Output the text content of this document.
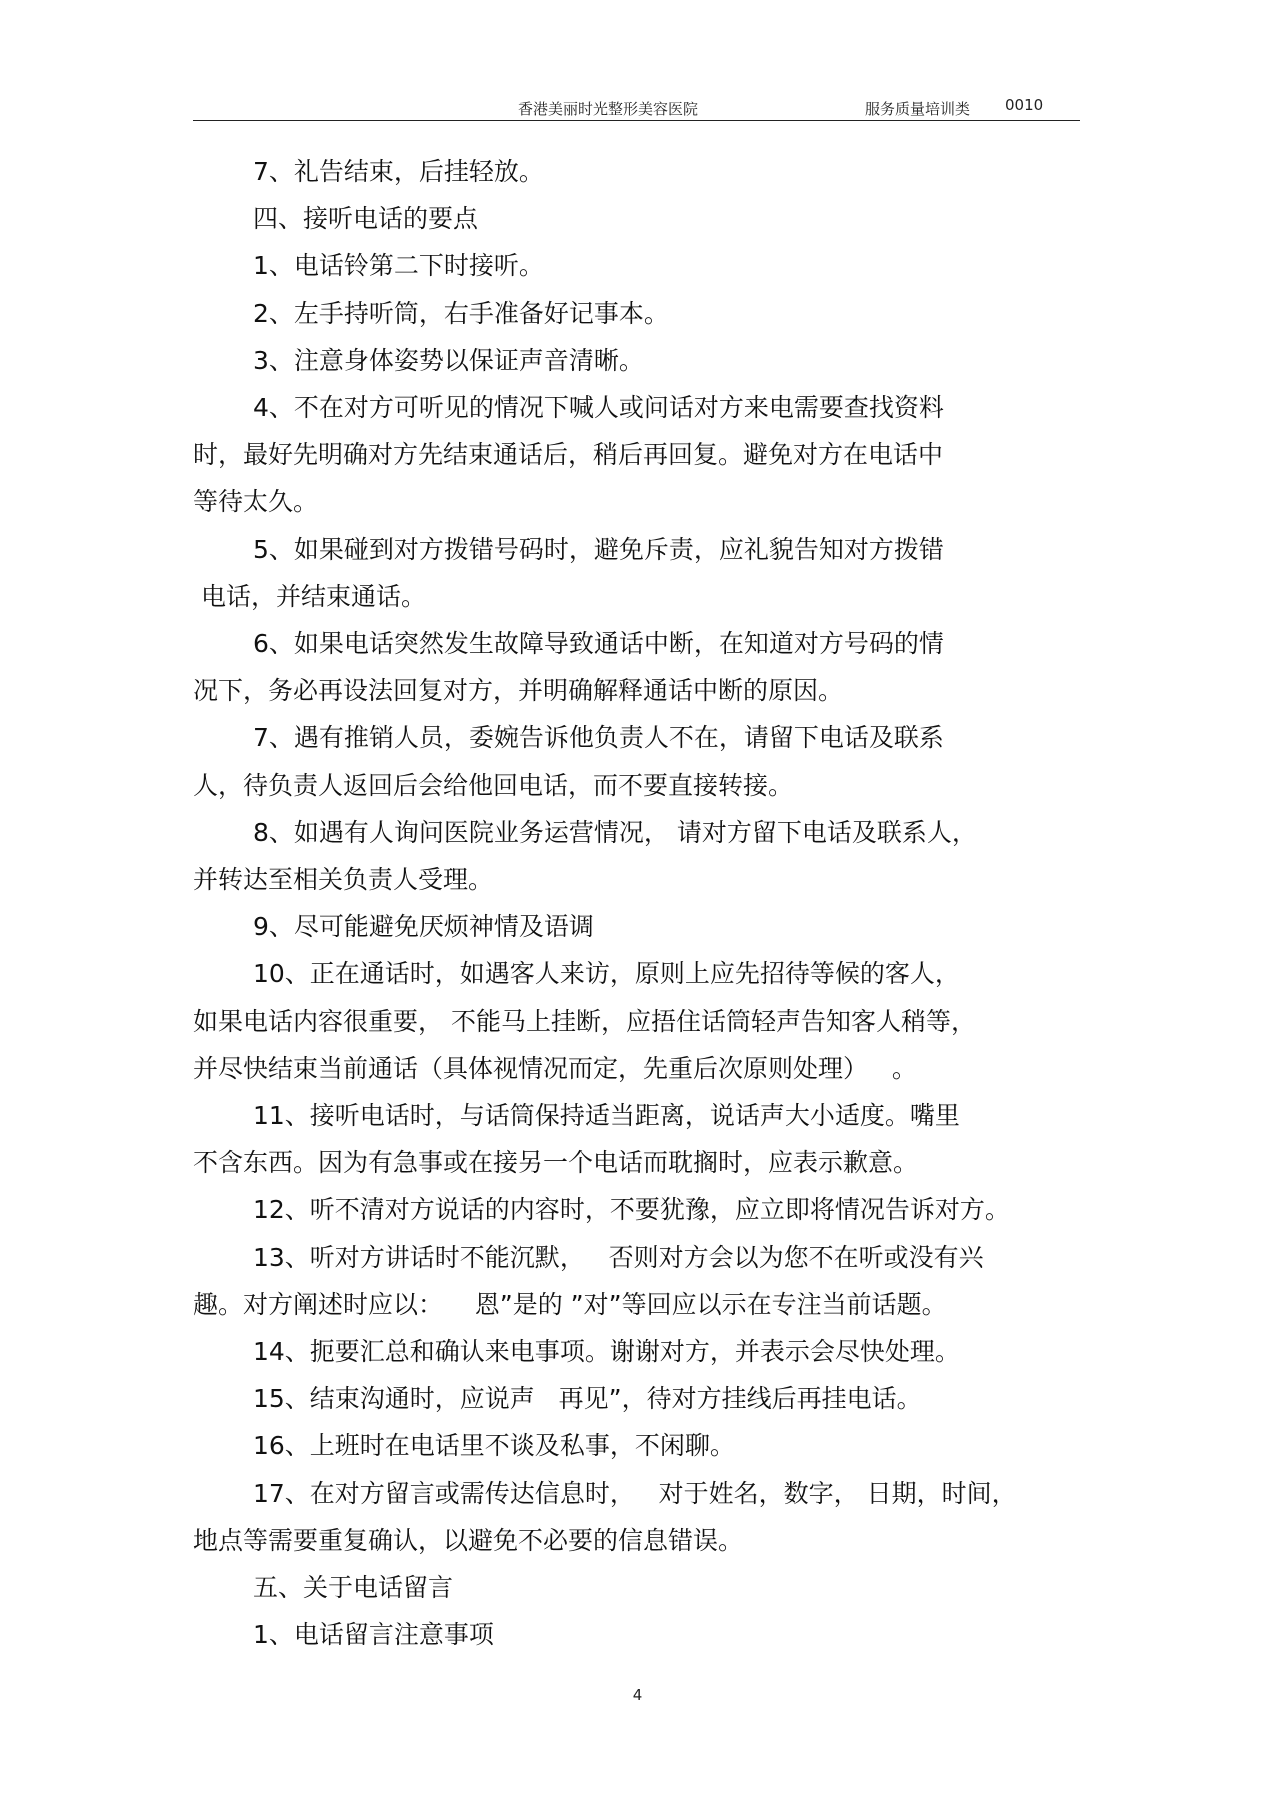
香港美丽时光整形美容医院	服务质量培训类 0010
7、礼告结束，后挂轻放。
四、接听电话的要点
1、电话铃第二下时接听。
2、左手持听筒，右手准备好记事本。
3、注意身体姿势以保证声音清晰。
4、不在对方可听见的情况下喊人或问话对方来电需要查找资料
时，最好先明确对方先结束通话后，稍后再回复。避免对方在电话中
等待太久。
5、如果碰到对方拨错号码时，避免斥责，应礼貌告知对方拨错
电话，并结束通话。
6、如果电话突然发生故障导致通话中断，在知道对方号码的情
况下，务必再设法回复对方，并明确解释通话中断的原因。
7、遇有推销人员，委婉告诉他负责人不在，请留下电话及联系
人，待负责人返回后会给他回电话，而不要直接转接。
8、如遇有人询问医院业务运营情况， 请对方留下电话及联系人，
并转达至相关负责人受理。
9、尽可能避免厌烦神情及语调
10、正在通话时，如遇客人来访，原则上应先招待等候的客人，
如果电话内容很重要， 不能马上挂断，应捂住话筒轻声告知客人稍等，
并尽快结束当前通话（具体视情况而定，先重后次原则处理）   。
11、接听电话时，与话筒保持适当距离，说话声大小适度。嘴里
不含东西。因为有急事或在接另一个电话而耽搁时，应表示歉意。
12、听不清对方说话的内容时，不要犹豫，应立即将情况告诉对方。
13、听对方讲话时不能沉默，   否则对方会以为您不在听或没有兴
趣。对方阐述时应以：    恩”是的 ”对”等回应以示在专注当前话题。
14、扼要汇总和确认来电事项。谢谢对方，并表示会尽快处理。
15、结束沟通时，应说声   再见”，待对方挂线后再挂电话。
16、上班时在电话里不谈及私事，不闲聊。
17、在对方留言或需传达信息时，   对于姓名，数字， 日期，时间，
地点等需要重复确认，以避免不必要的信息错误。
五、关于电话留言
1、电话留言注意事项
4
